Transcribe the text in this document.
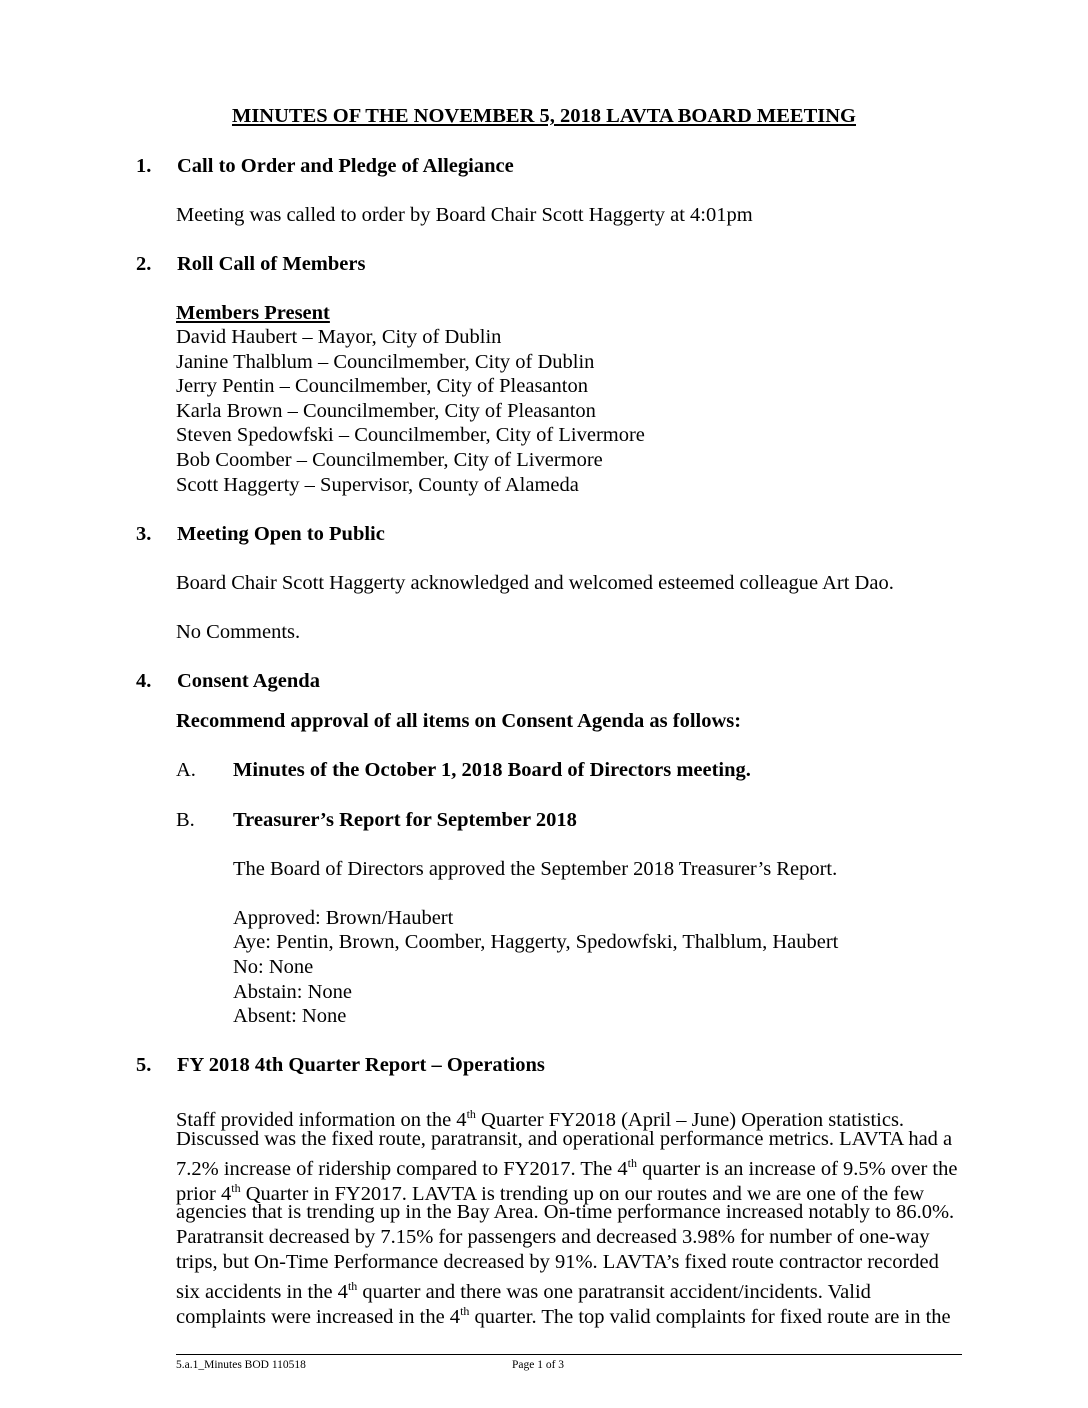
MINUTES OF THE NOVEMBER 5, 2018 LAVTA BOARD MEETING
1. Call to Order and Pledge of Allegiance
Meeting was called to order by Board Chair Scott Haggerty at 4:01pm
2. Roll Call of Members
Members Present
David Haubert – Mayor, City of Dublin
Janine Thalblum – Councilmember, City of Dublin
Jerry Pentin – Councilmember, City of Pleasanton
Karla Brown – Councilmember, City of Pleasanton
Steven Spedowfski – Councilmember, City of Livermore
Bob Coomber – Councilmember, City of Livermore
Scott Haggerty – Supervisor, County of Alameda
3. Meeting Open to Public
Board Chair Scott Haggerty acknowledged and welcomed esteemed colleague Art Dao.
No Comments.
4. Consent Agenda
Recommend approval of all items on Consent Agenda as follows:
A. Minutes of the October 1, 2018 Board of Directors meeting.
B. Treasurer’s Report for September 2018
The Board of Directors approved the September 2018 Treasurer’s Report.
Approved: Brown/Haubert
Aye: Pentin, Brown, Coomber, Haggerty, Spedowfski, Thalblum, Haubert
No: None
Abstain: None
Absent: None
5. FY 2018 4th Quarter Report – Operations
Staff provided information on the 4th Quarter FY2018 (April – June) Operation statistics.
Discussed was the fixed route, paratransit, and operational performance metrics. LAVTA had a
7.2% increase of ridership compared to FY2017. The 4th quarter is an increase of 9.5% over the
prior 4th Quarter in FY2017. LAVTA is trending up on our routes and we are one of the few
agencies that is trending up in the Bay Area. On-time performance increased notably to 86.0%.
Paratransit decreased by 7.15% for passengers and decreased 3.98% for number of one-way
trips, but On-Time Performance decreased by 91%. LAVTA’s fixed route contractor recorded
six accidents in the 4th quarter and there was one paratransit accident/incidents. Valid
complaints were increased in the 4th quarter. The top valid complaints for fixed route are in the
5.a.1_Minutes BOD 110518	Page 1 of 3
